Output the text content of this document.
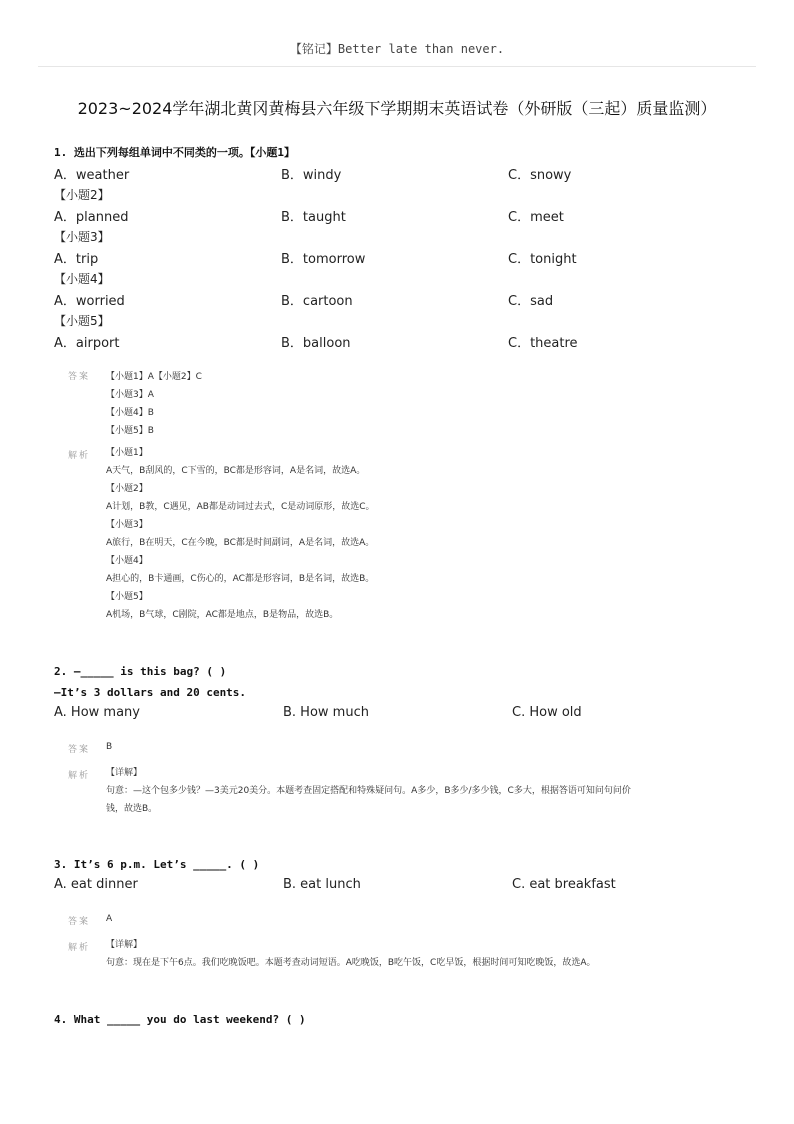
【铭记】Better late than never.
2023~2024学年湖北黄冈黄梅县六年级下学期期末英语试卷（外研版（三起）质量监测）
1. 选出下列每组单词中不同类的一项。【小题1】
A．weather	B．windy	C．snowy
【小题2】
A．planned	B．taught	C．meet
【小题3】
A．trip	B．tomorrow	C．tonight
【小题4】
A．worried	B．cartoon	C．sad
【小题5】
A．airport	B．balloon	C．theatre
答案 【小题1】A【小题2】C
【小题3】A
【小题4】B
【小题5】B
解析 【小题1】
A天气，B刮风的，C下雪的，BC都是形容词，A是名词，故选A。
【小题2】
A计划，B教，C遇见，AB都是动词过去式，C是动词原形，故选C。
【小题3】
A旅行，B在明天，C在今晚，BC都是时间副词，A是名词，故选A。
【小题4】
A担心的，B卡通画，C伤心的，AC都是形容词，B是名词，故选B。
【小题5】
A机场，B气球，C剧院，AC都是地点，B是物品，故选B。
2. —_____ is this bag? ( )
—It’s 3 dollars and 20 cents.
A. How many	B. How much	C. How old
答案 B
解析 【详解】
句意：—这个包多少钱？—3美元20美分。本题考查固定搭配和特殊疑问句。A多少，B多少/多少钱，C多大，根据答语可知问句问价
钱，故选B。
3. It’s 6 p.m. Let’s _____. ( )
A. eat dinner	B. eat lunch	C. eat breakfast
答案 A
解析 【详解】
句意：现在是下午6点。我们吃晚饭吧。本题考查动词短语。A吃晚饭，B吃午饭，C吃早饭，根据时间可知吃晚饭，故选A。
4. What _____ you do last weekend? ( )
